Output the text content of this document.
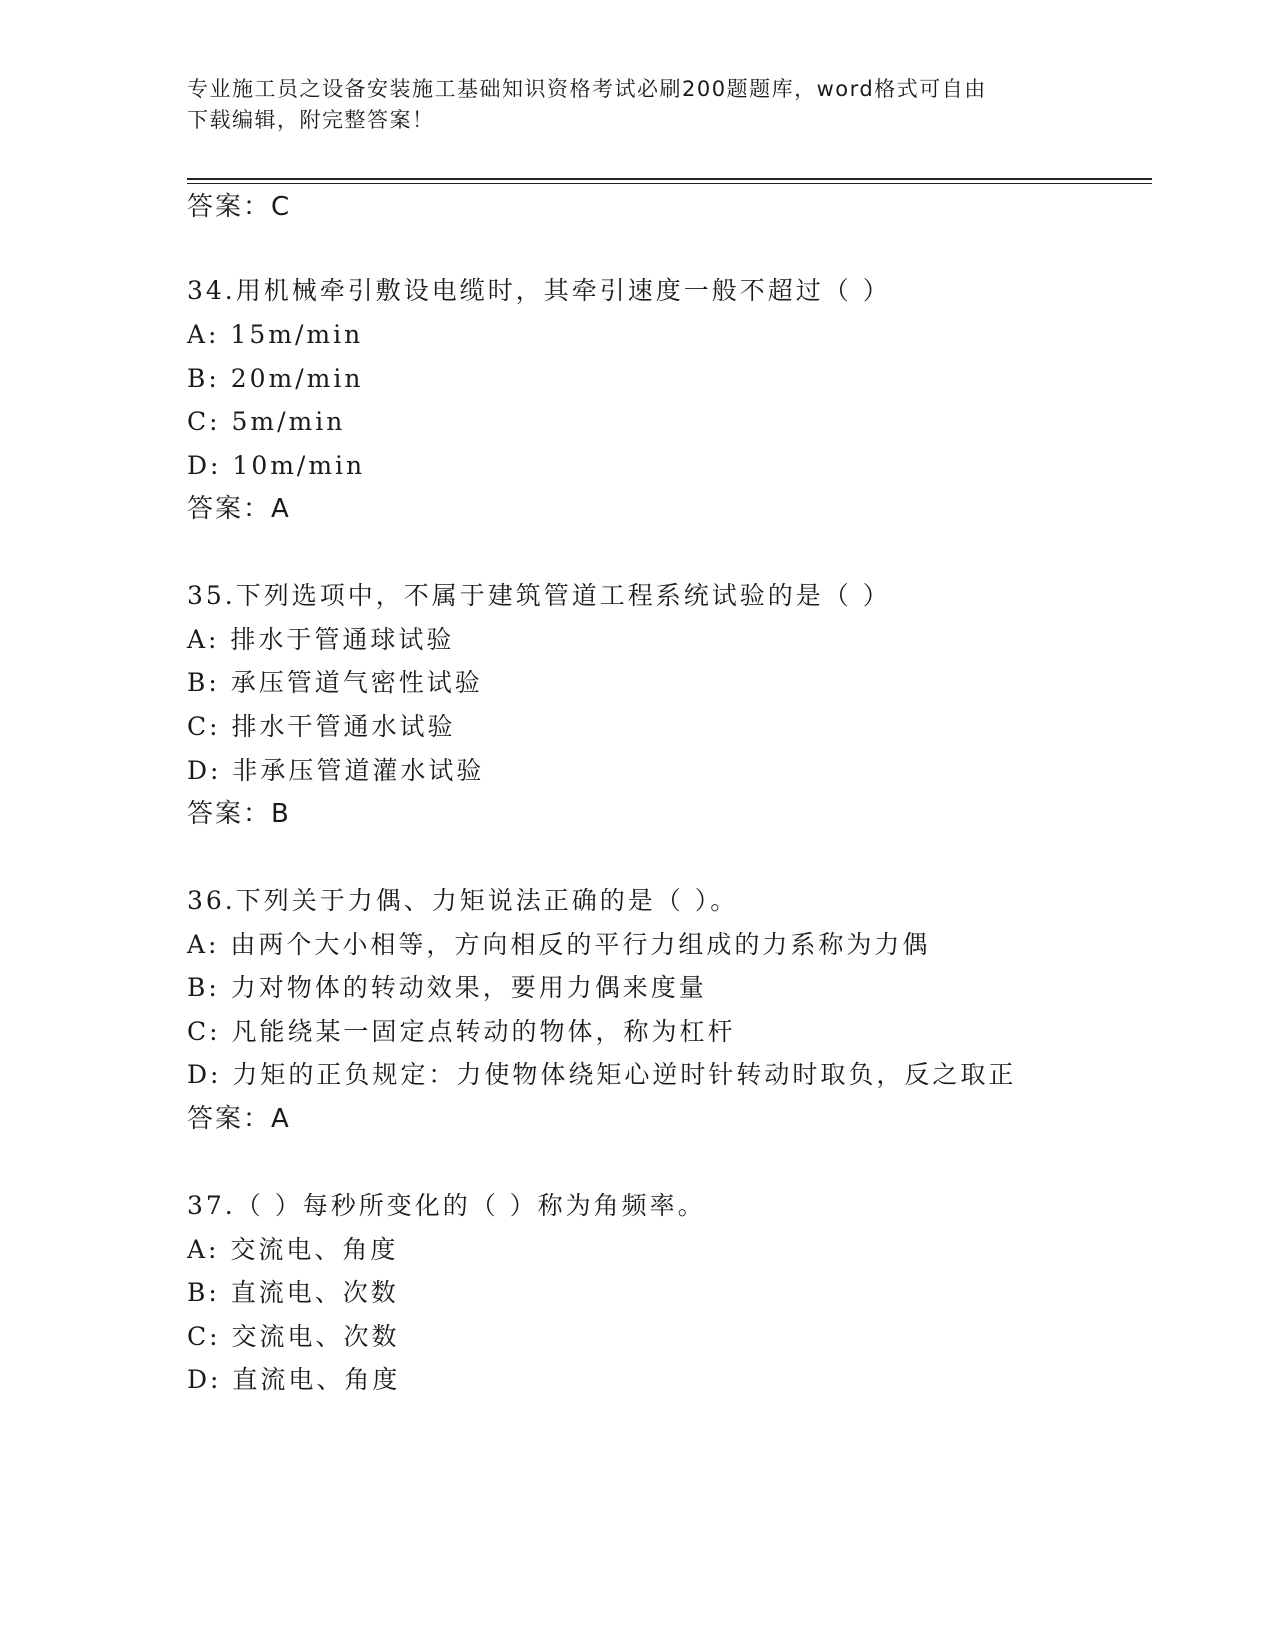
专业施工员之设备安装施工基础知识资格考试必刷200题题库，word格式可自由
下载编辑，附完整答案！
答案：C
34.用机械牵引敷设电缆时，其牵引速度一般不超过（ ）
A: 15m/min
B: 20m/min
C: 5m/min
D: 10m/min
答案：A
35.下列选项中，不属于建筑管道工程系统试验的是（ ）
A: 排水于管通球试验
B: 承压管道气密性试验
C: 排水干管通水试验
D: 非承压管道灌水试验
答案：B
36.下列关于力偶、力矩说法正确的是（ ）。
A: 由两个大小相等，方向相反的平行力组成的力系称为力偶
B: 力对物体的转动效果，要用力偶来度量
C: 凡能绕某一固定点转动的物体，称为杠杆
D: 力矩的正负规定：力使物体绕矩心逆时针转动时取负，反之取正
答案：A
37.（ ）每秒所变化的（ ）称为角频率。
A: 交流电、角度
B: 直流电、次数
C: 交流电、次数
D: 直流电、角度
